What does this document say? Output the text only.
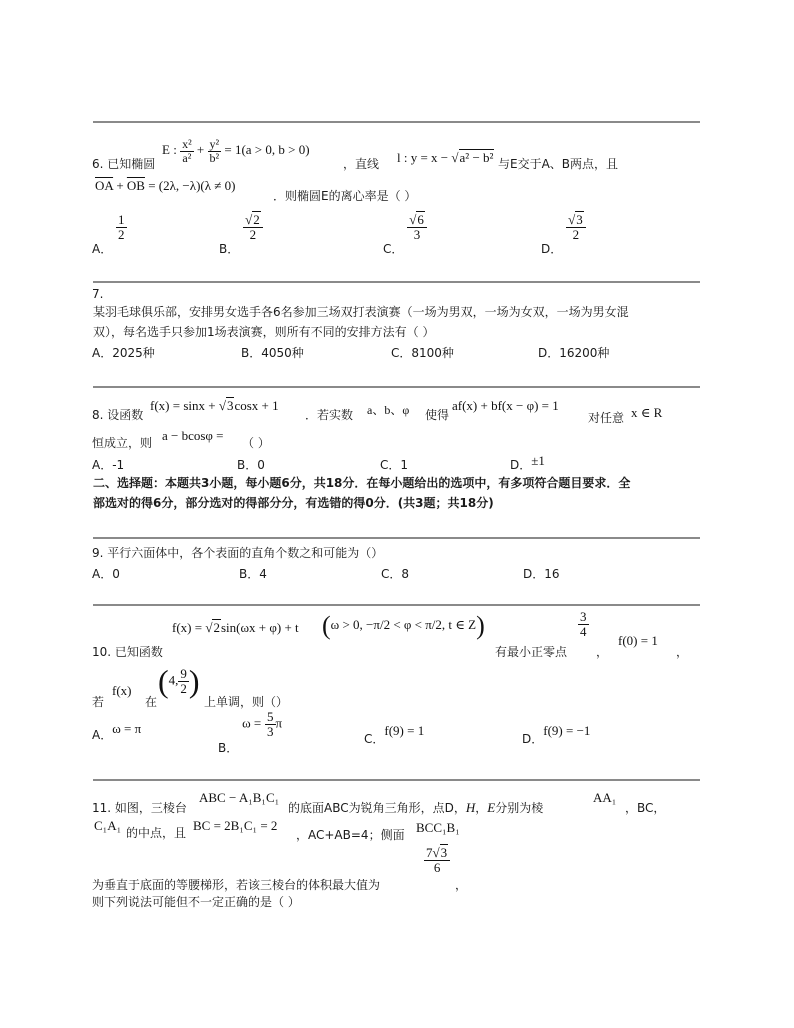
E : $\frac{\text{x²}}{\text{a²}} + \frac{\text{y²}}{\text{b²}} = 1(a > 0$, b > 0)
6. 已知椭圆	，直线 l : y = x − √a² − b² 与E交于A、B两点，且
$\overline{OA} + \overline{OB} = (2\lambda$, −λ)(λ ≠ 0)
．则椭圆E的离心率是（ ）
A．
$\frac{1}{2}$
B．
$\frac{√2}{2}$
C．
$\frac{√6}{3}$
D．
$\frac{√3}{2}$
7.
某羽毛球俱乐部，安排男女选手各6名参加三场双打表演赛（一场为男双，一场为女双，一场为男女混
双），每名选手只参加1场表演赛，则所有不同的安排方法有（ ）
A．2025种	B．4050种	C．8100种	D．16200种
8. 设函数
f(x) = sinx + √3cosx + 1
．若实数 a、b、φ 使得
af(x) + bf(x − φ) = 1
对任意 x ∈ R
恒成立，则 a − bcosφ = （ ）
A．-1	B．0	C．1	D．±1
二、选择题：本题共3小题，每小题6分，共18分．在每小题给出的选项中，有多项符合题目要求．全
部选对的得6分，部分选对的得部分分，有选错的得0分．(共3题；共18分)
9. 平行六面体中，各个表面的直角个数之和可能为（）
A．0	B．4	C．8	D．16
f(x) = √2sin(ωx + φ) + t (ω > 0, −π/2 < φ < π/2, t ∈ Z)
10. 已知函数	有最小正零点
$\frac{3}{4}$
，
f(0) = 1
，
若
f(x)
在
(4, $\frac{9}{2}$ )
上单调，则（）
A．ω = π
B． $\omega = \frac{5}{3}$ π
C．f(9) = 1
D．f(9) = −1
11. 如图，三棱台
ABC − A₁B₁C₁
的底面ABC为锐角三角形，点D，H，E分别为棱
AA₁
，BC，
C₁A₁ 的中点，且 BC = 2B₁C₁ = 2
，AC+AB=4；侧面 BCC₁B₁
为垂直于底面的等腰梯形，若该三棱台的体积最大值为
$\frac{7√3}{6}$
，
则下列说法可能但不一定正确的是（ ）
